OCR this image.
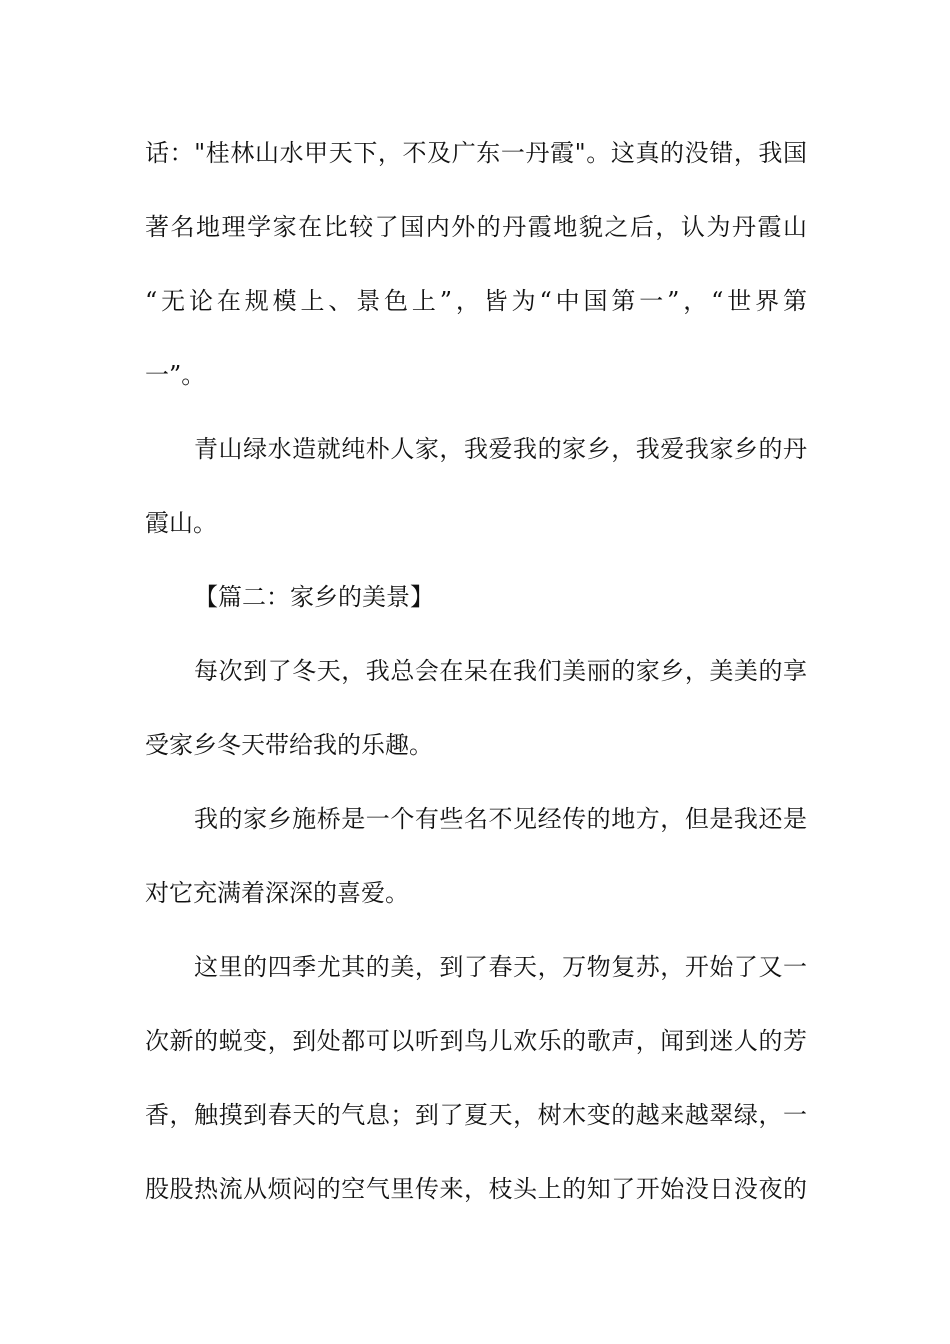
话："桂林山水甲天下，不及广东一丹霞"。这真的没错，我国
著名地理学家在比较了国内外的丹霞地貌之后，认为丹霞山
“无论在规模上、景色上”，皆为“中国第一”，“世界第
一”。
青山绿水造就纯朴人家，我爱我的家乡，我爱我家乡的丹
霞山。
【篇二：家乡的美景】
每次到了冬天，我总会在呆在我们美丽的家乡，美美的享
受家乡冬天带给我的乐趣。
我的家乡施桥是一个有些名不见经传的地方，但是我还是
对它充满着深深的喜爱。
这里的四季尤其的美，到了春天，万物复苏，开始了又一
次新的蜕变，到处都可以听到鸟儿欢乐的歌声，闻到迷人的芳
香，触摸到春天的气息；到了夏天，树木变的越来越翠绿，一
股股热流从烦闷的空气里传来，枝头上的知了开始没日没夜的
